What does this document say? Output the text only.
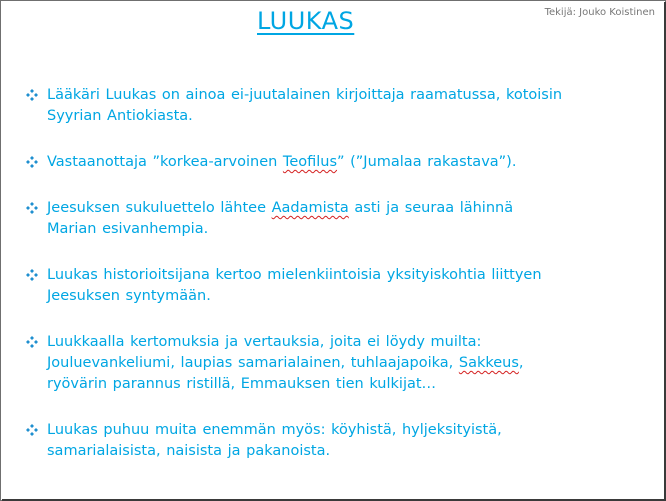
LUUKAS	Tekijä: Jouko Koistinen
Lääkäri Luukas on ainoa ei-juutalainen kirjoittaja raamatussa, kotoisin
Syyrian Antiokiasta.
Vastaanottaja ”korkea-arvoinen Teofilus” (”Jumalaa rakastava”).
Jeesuksen sukuluettelo lähtee Aadamista asti ja seuraa lähinnä
Marian esivanhempia.
Luukas historioitsijana kertoo mielenkiintoisia yksityiskohtia liittyen
Jeesuksen syntymään.
Luukkaalla kertomuksia ja vertauksia, joita ei löydy muilta:
Jouluevankeliumi, laupias samarialainen, tuhlaajapoika, Sakkeus,
ryövärin parannus ristillä, Emmauksen tien kulkijat…
Luukas puhuu muita enemmän myös: köyhistä, hyljeksityistä,
samarialaisista, naisista ja pakanoista.
